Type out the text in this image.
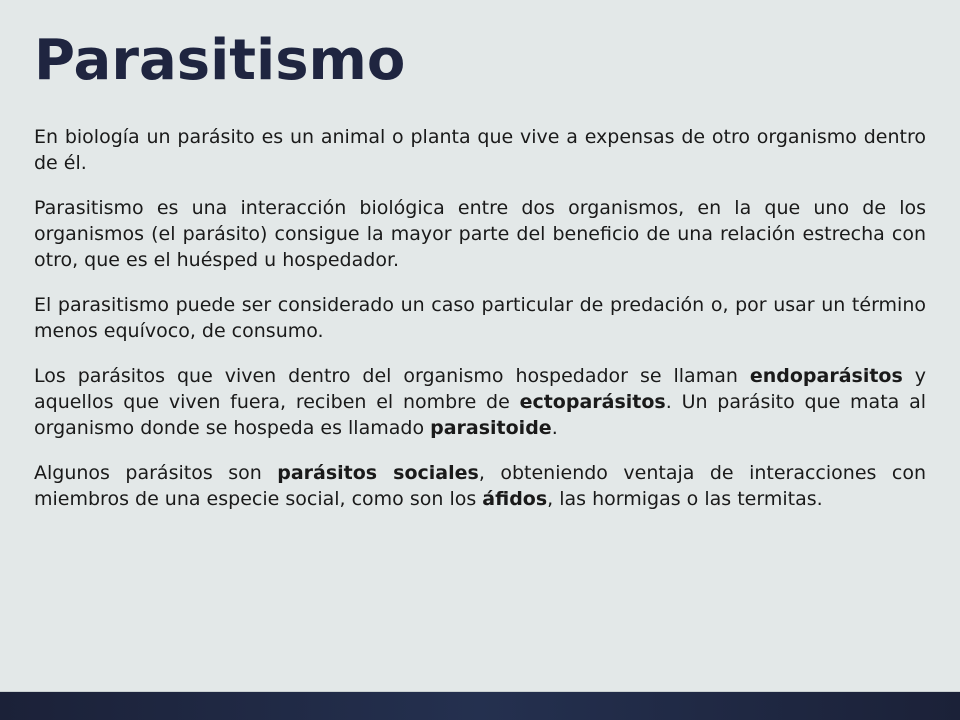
Parasitismo

En biología un parásito es un animal o planta que vive a expensas de otro organismo dentro de él.

Parasitismo es una interacción biológica entre dos organismos, en la que uno de los organismos (el parásito) consigue la mayor parte del beneficio de una relación estrecha con otro, que es el huésped u hospedador.

El parasitismo puede ser considerado un caso particular de predación o, por usar un término menos equívoco, de consumo.

Los parásitos que viven dentro del organismo hospedador se llaman endoparásitos y aquellos que viven fuera, reciben el nombre de ectoparásitos. Un parásito que mata al organismo donde se hospeda es llamado parasitoide.

Algunos parásitos son parásitos sociales, obteniendo ventaja de interacciones con miembros de una especie social, como son los áfidos, las hormigas o las termitas.
